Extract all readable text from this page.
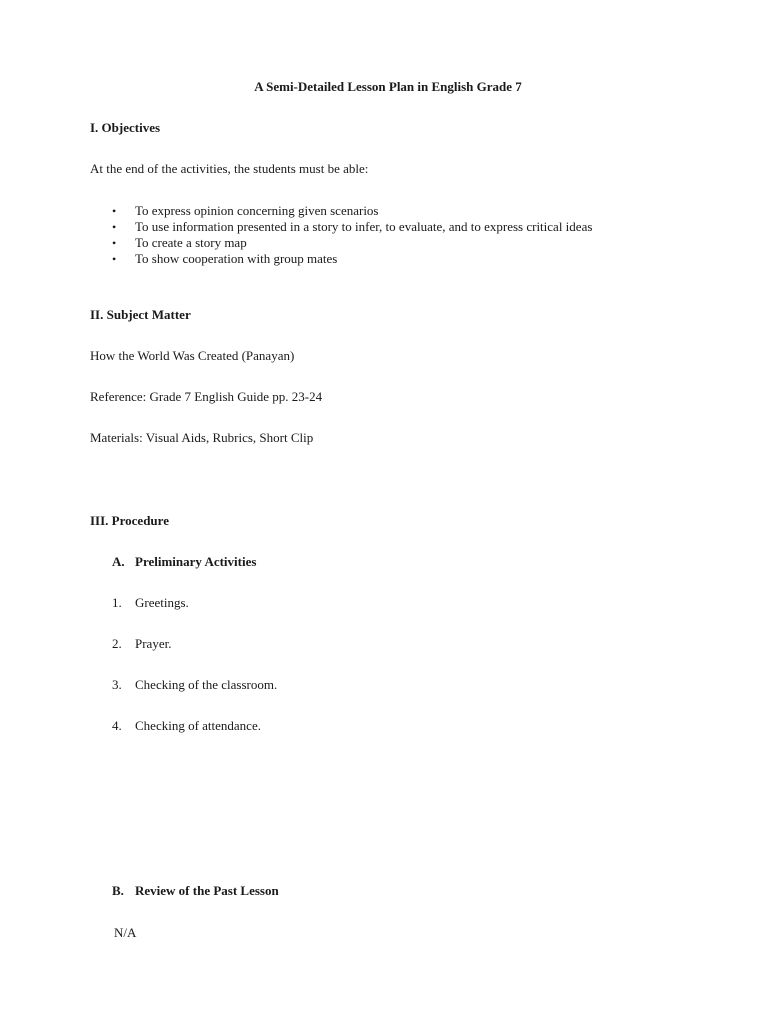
A Semi-Detailed Lesson Plan in English Grade 7
I. Objectives
At the end of the activities, the students must be able:
• To express opinion concerning given scenarios
• To use information presented in a story to infer, to evaluate, and to express critical ideas
• To create a story map
• To show cooperation with group mates
II. Subject Matter
How the World Was Created (Panayan)
Reference: Grade 7 English Guide pp. 23-24
Materials: Visual Aids, Rubrics, Short Clip
III. Procedure
A. Preliminary Activities
1. Greetings.
2. Prayer.
3. Checking of the classroom.
4. Checking of attendance.
B. Review of the Past Lesson
N/A
